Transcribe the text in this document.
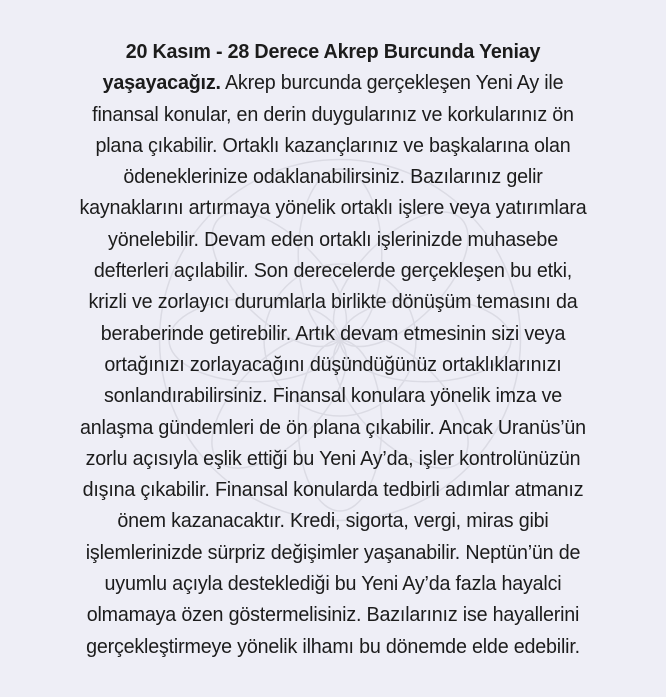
20 Kasım - 28 Derece Akrep Burcunda Yeniay
yaşayacağız. Akrep burcunda gerçekleşen Yeni Ay ile
finansal konular, en derin duygularınız ve korkularınız ön
plana çıkabilir. Ortaklı kazançlarınız ve başkalarına olan
ödeneklerinize odaklanabilirsiniz. Bazılarınız gelir
kaynaklarını artırmaya yönelik ortaklı işlere veya yatırımlara
yönelebilir. Devam eden ortaklı işlerinizde muhasebe
defterleri açılabilir. Son derecelerde gerçekleşen bu etki,
krizli ve zorlayıcı durumlarla birlikte dönüşüm temasını da
beraberinde getirebilir. Artık devam etmesinin sizi veya
ortağınızı zorlayacağını düşündüğünüz ortaklıklarınızı
sonlandırabilirsiniz. Finansal konulara yönelik imza ve
anlaşma gündemleri de ön plana çıkabilir. Ancak Uranüs’ün
zorlu açısıyla eşlik ettiği bu Yeni Ay’da, işler kontrolünüzün
dışına çıkabilir. Finansal konularda tedbirli adımlar atmanız
önem kazanacaktır. Kredi, sigorta, vergi, miras gibi
işlemlerinizde sürpriz değişimler yaşanabilir. Neptün’ün de
uyumlu açıyla desteklediği bu Yeni Ay’da fazla hayalci
olmamaya özen göstermelisiniz. Bazılarınız ise hayallerini
gerçekleştirmeye yönelik ilhamı bu dönemde elde edebilir.
